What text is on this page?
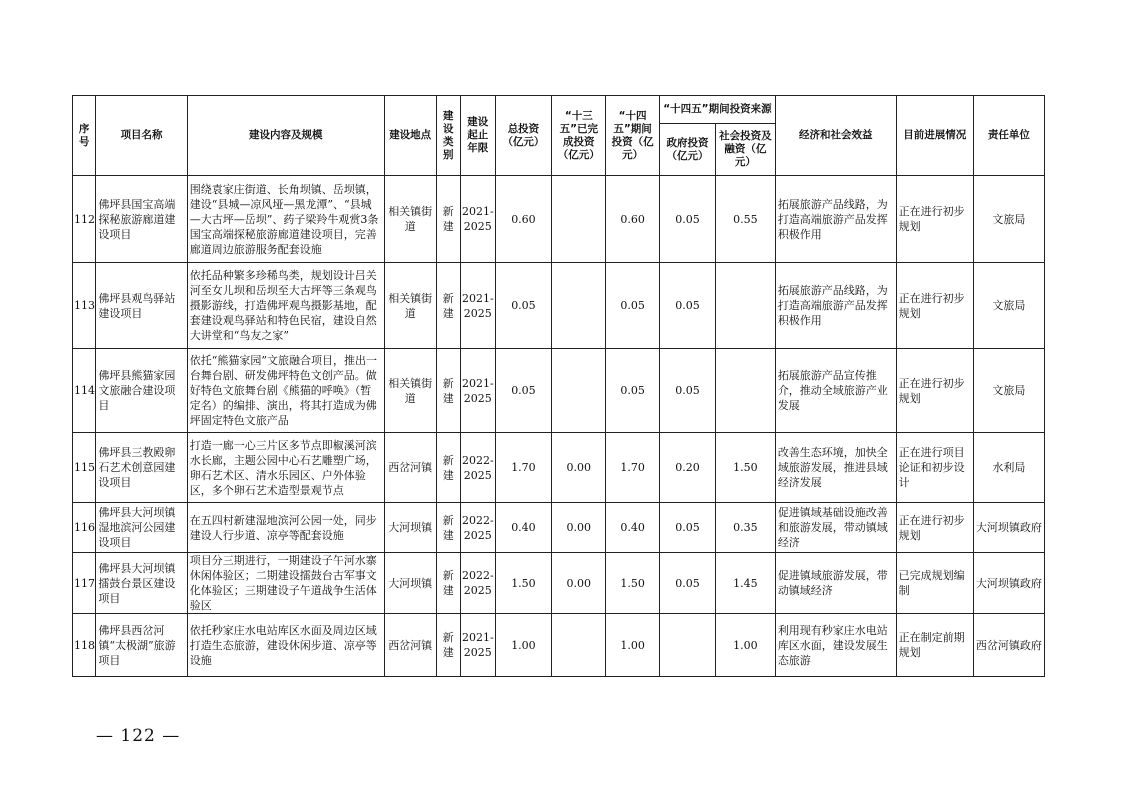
序号	项目名称	建设内容及规模	建设地点	建设类别	建设起止年限	总投资（亿元）	“十三五”已完成投资（亿元）	“十四五”期间投资（亿元）	“十四五”期间投资来源		经济和社会效益	目前进展情况	责任单位
									政府投资（亿元）	社会投资及融资（亿元）			
112	佛坪县国宝高端探秘旅游廊道建设项目	围绕袁家庄街道、长角坝镇、岳坝镇，建设“县城—凉风垭—黑龙潭”、“县城—大古坪—岳坝”、药子梁羚牛观赏3条国宝高端探秘旅游廊道建设项目，完善廊道周边旅游服务配套设施	相关镇街道	新建	2021-2025	0.60		0.60	0.05	0.55	拓展旅游产品线路，为打造高端旅游产品发挥积极作用	正在进行初步规划	文旅局
113	佛坪县观鸟驿站建设项目	依托品种繁多珍稀鸟类，规划设计吕关河至女儿坝和岳坝至大古坪等三条观鸟摄影游线，打造佛坪观鸟摄影基地，配套建设观鸟驿站和特色民宿，建设自然大讲堂和“鸟友之家”	相关镇街道	新建	2021-2025	0.05		0.05	0.05		拓展旅游产品线路，为打造高端旅游产品发挥积极作用	正在进行初步规划	文旅局
114	佛坪县熊猫家园文旅融合建设项目	依托“熊猫家园”文旅融合项目，推出一台舞台剧、研发佛坪特色文创产品。做好特色文旅舞台剧《熊猫的呼唤》（暂定名）的编排、演出，将其打造成为佛坪固定特色文旅产品	相关镇街道	新建	2021-2025	0.05		0.05	0.05		拓展旅游产品宣传推介，推动全域旅游产业发展	正在进行初步规划	文旅局
115	佛坪县三教殿卵石艺术创意园建设项目	打造一廊一心三片区多节点即椒溪河滨水长廊，主题公园中心石艺雕塑广场，卵石艺术区、清水乐园区、户外体验区，多个卵石艺术造型景观节点	西岔河镇	新建	2022-2025	1.70	0.00	1.70	0.20	1.50	改善生态环境，加快全域旅游发展，推进县域经济发展	正在进行项目论证和初步设计	水利局
116	佛坪县大河坝镇湿地滨河公园建设项目	在五四村新建湿地滨河公园一处，同步建设人行步道、凉亭等配套设施	大河坝镇	新建	2022-2025	0.40	0.00	0.40	0.05	0.35	促进镇域基础设施改善和旅游发展，带动镇域经济	正在进行初步规划	大河坝镇政府
117	佛坪县大河坝镇擂鼓台景区建设项目	项目分三期进行，一期建设子午河水寨休闲体验区；二期建设擂鼓台古军事文化体验区；三期建设子午道战争生活体验区	大河坝镇	新建	2022-2025	1.50	0.00	1.50	0.05	1.45	促进镇域旅游发展，带动镇域经济	已完成规划编制	大河坝镇政府
118	佛坪县西岔河镇“太极湖”旅游项目	依托秒家庄水电站库区水面及周边区域打造生态旅游，建设休闲步道、凉亭等设施	西岔河镇	新建	2021-2025	1.00		1.00		1.00	利用现有秒家庄水电站库区水面，建设发展生态旅游	正在制定前期规划	西岔河镇政府
— 122 —
